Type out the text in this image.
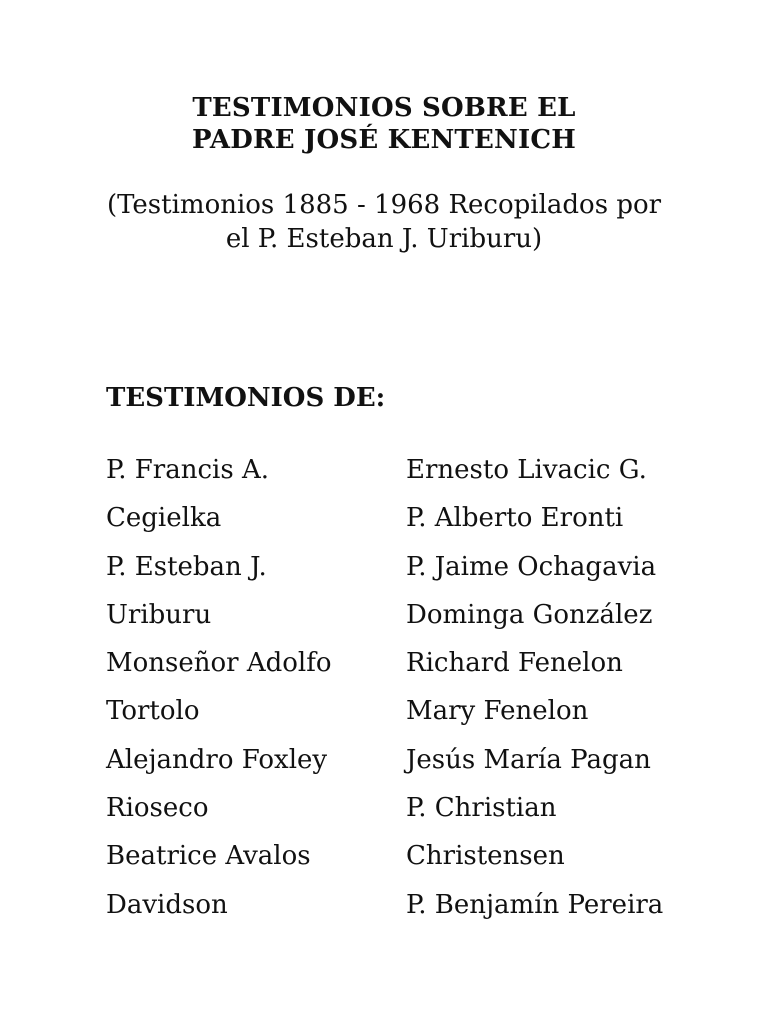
TESTIMONIOS SOBRE EL
PADRE JOSÉ KENTENICH
(Testimonios 1885 - 1968 Recopilados por
el P. Esteban J. Uriburu)
TESTIMONIOS DE:
P. Francis A.
Cegielka
P. Esteban J.
Uriburu
Monseñor Adolfo
Tortolo
Alejandro Foxley
Rioseco
Beatrice Avalos
Davidson
Ernesto Livacic G.
P. Alberto Eronti
P. Jaime Ochagavia
Dominga González
Richard Fenelon
Mary Fenelon
Jesús María Pagan
P. Christian
Christensen
P. Benjamín Pereira
